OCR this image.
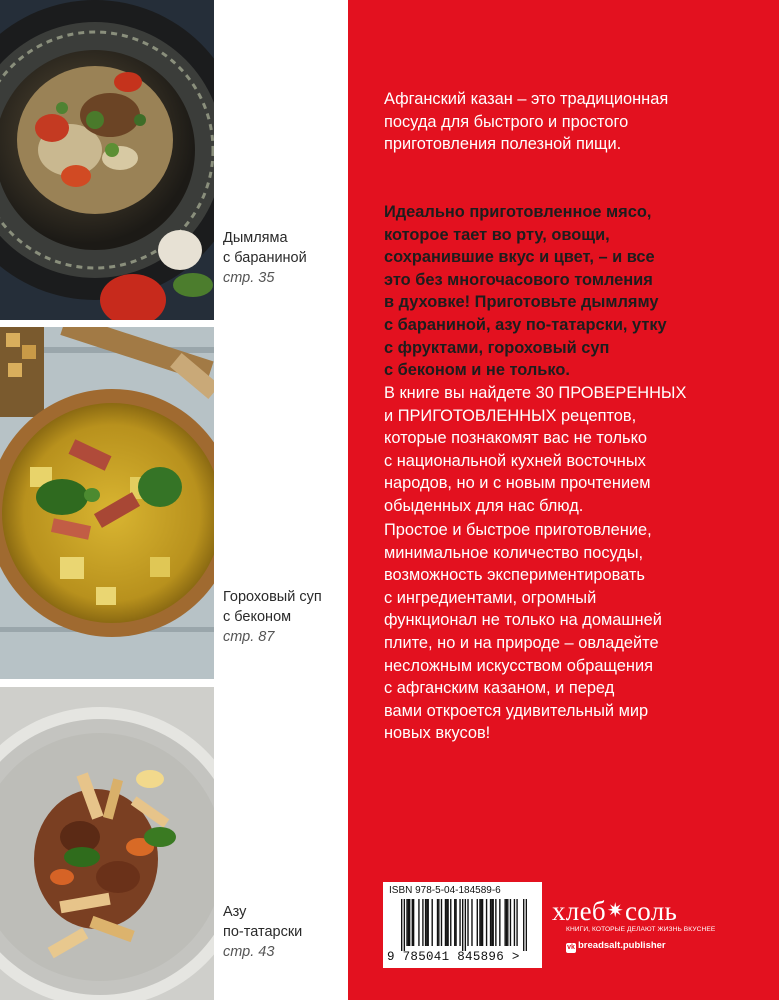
Дымляма
с бараниной
стр. 35
Гороховый суп
с беконом
стр. 87
Азу
по-татарски
стр. 43
Афганский казан – это традиционная
посуда для быстрого и простого
приготовления полезной пищи.
Идеально приготовленное мясо,
которое тает во рту, овощи,
сохранившие вкус и цвет, – и все
это без многочасового томления
в духовке! Приготовьте дымляму
с бараниной, азу по-татарски, утку
с фруктами, гороховый суп
с беконом и не только.
В книге вы найдете 30 ПРОВЕРЕННЫХ
и ПРИГОТОВЛЕННЫХ рецептов,
которые познакомят вас не только
с национальной кухней восточных
народов, но и с новым прочтением
обыденных для нас блюд.
Простое и быстрое приготовление,
минимальное количество посуды,
возможность экспериментировать
с ингредиентами, огромный
функционал не только на домашней
плите, но и на природе – овладейте
несложным искусством обращения
с афганским казаном, и перед
вами откроется удивительный мир
новых вкусов!
ISBN 978-5-04-184589-6
9 785041 845896 >
хлеб✷соль
КНИГИ, КОТОРЫЕ ДЕЛАЮТ ЖИЗНЬ ВКУСНЕЕ
vk breadsalt.publisher
